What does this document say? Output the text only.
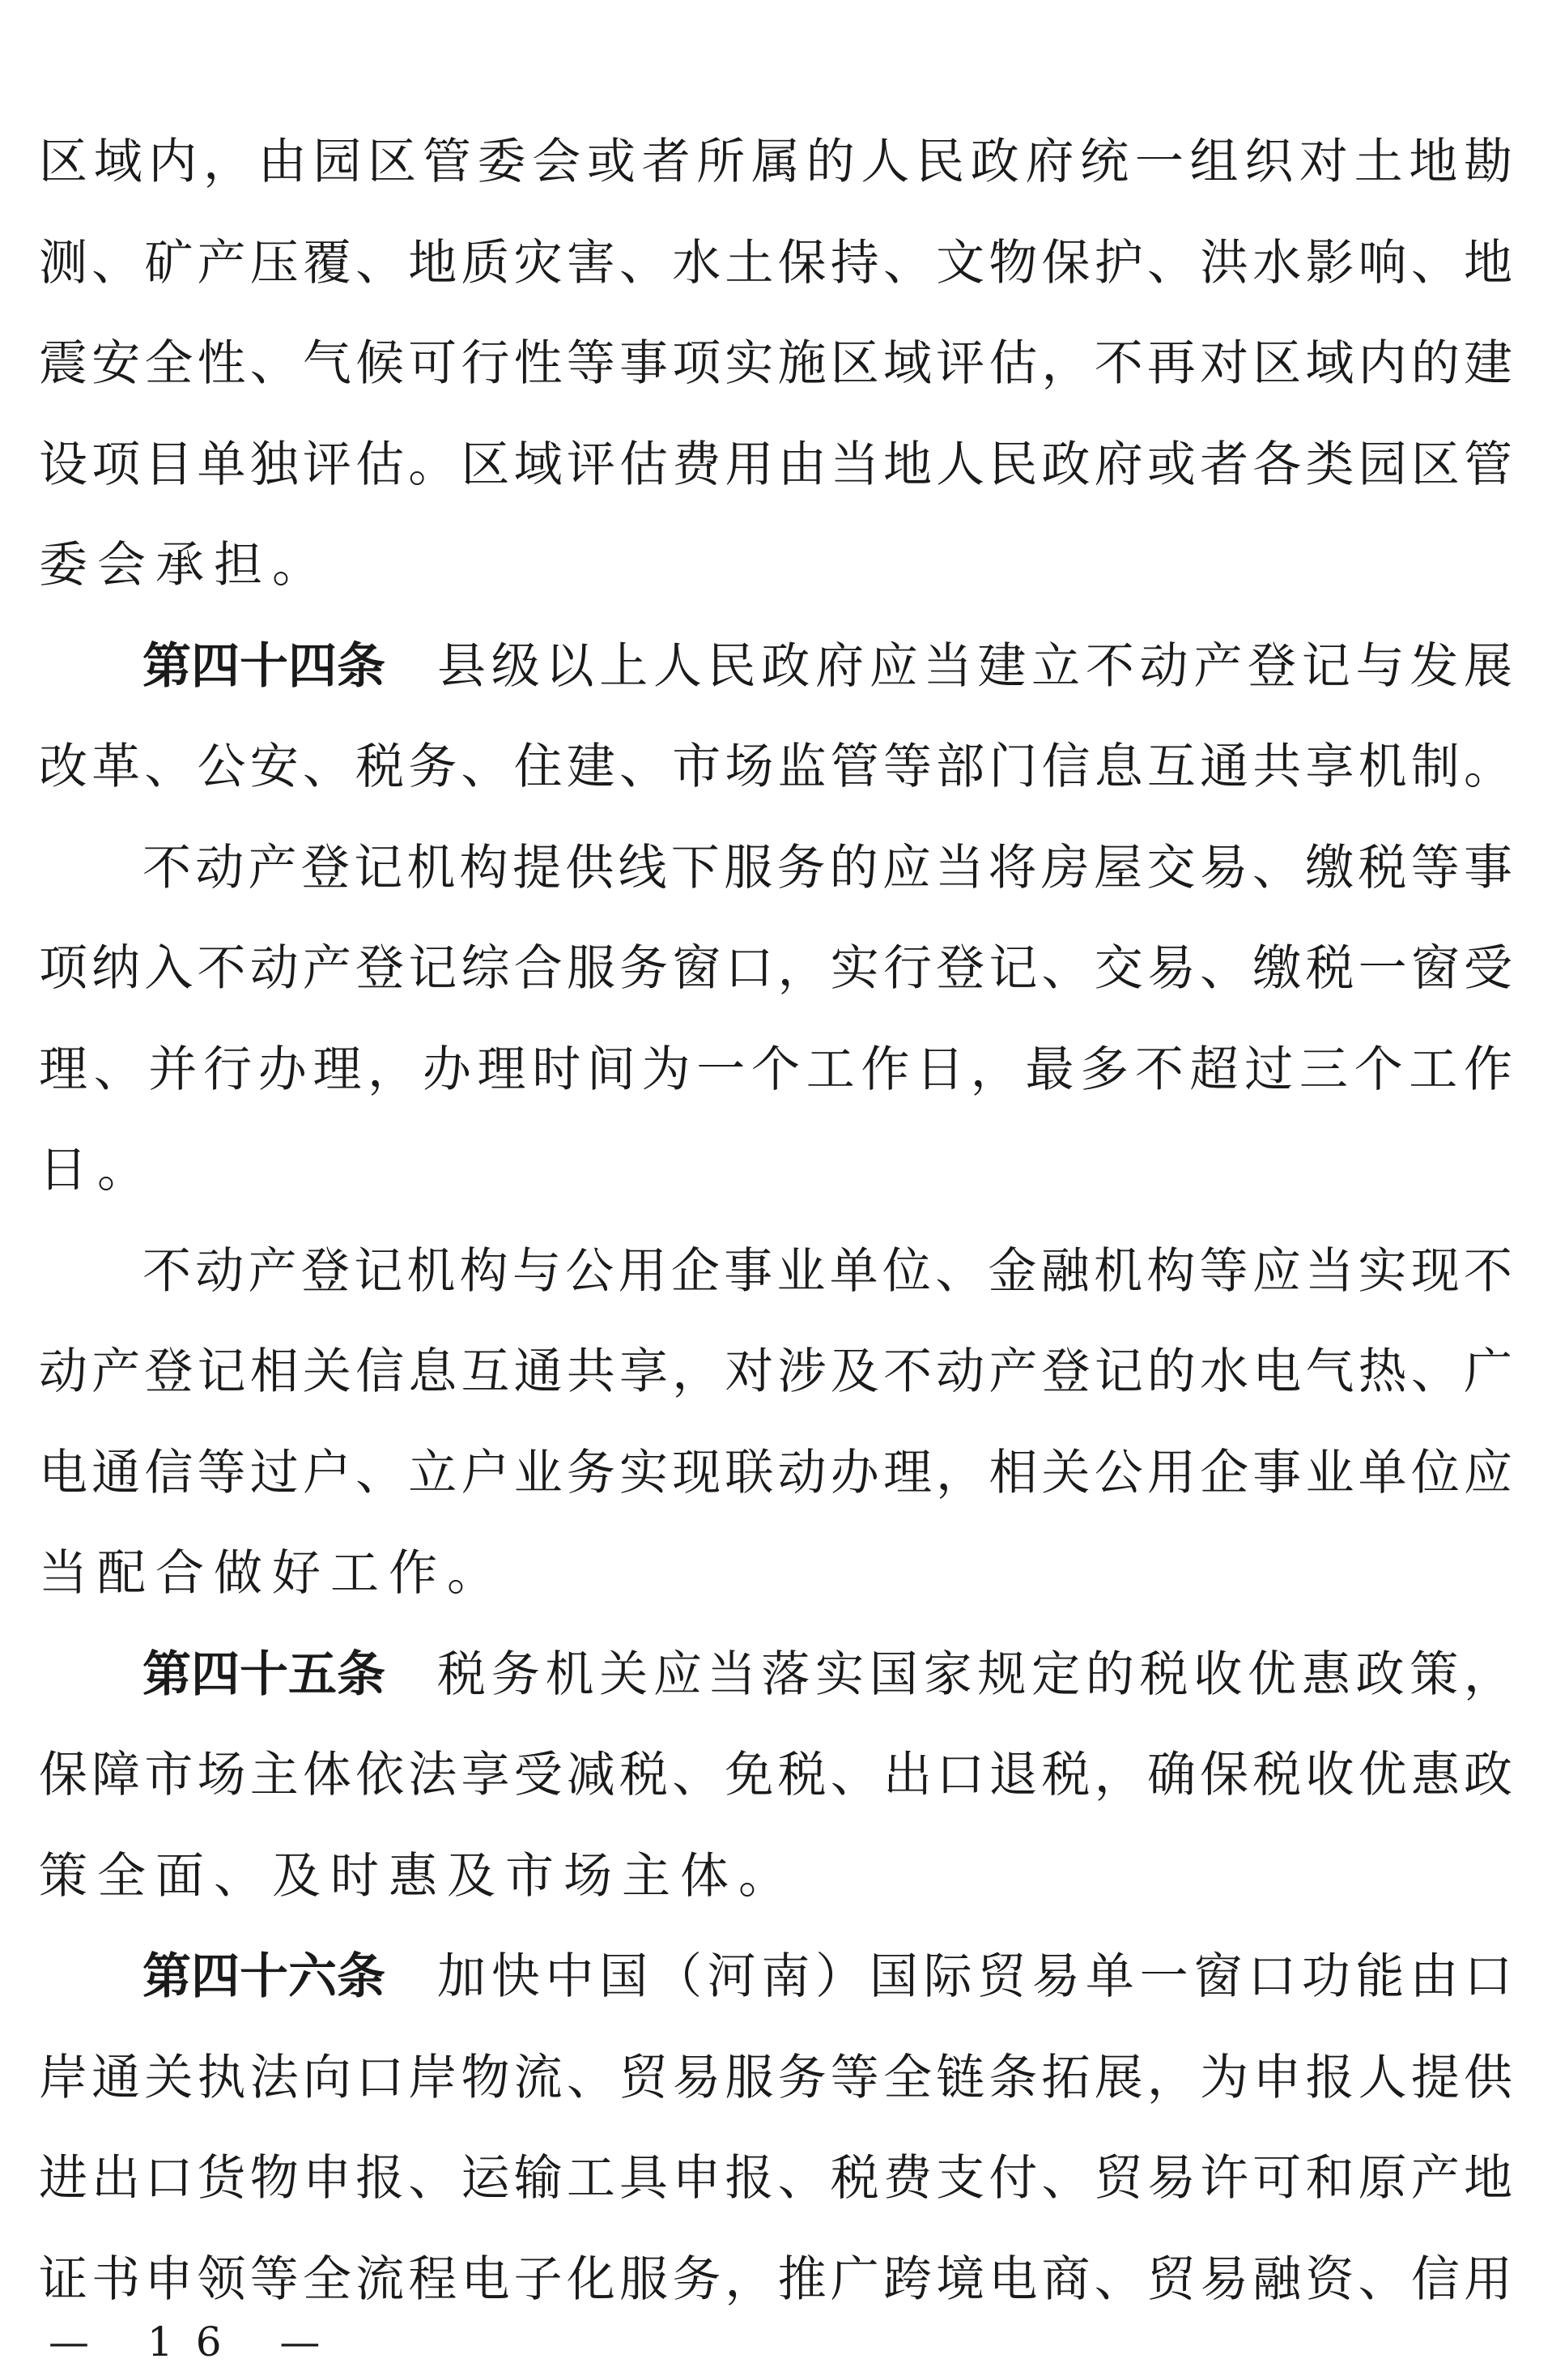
区域内，由园区管委会或者所属的人民政府统一组织对土地勘
测、矿产压覆、地质灾害、水土保持、文物保护、洪水影响、地
震安全性、气候可行性等事项实施区域评估，不再对区域内的建
设项目单独评估。区域评估费用由当地人民政府或者各类园区管
委会承担。
第四十四条 县级以上人民政府应当建立不动产登记与发展
改革、公安、税务、住建、市场监管等部门信息互通共享机制。
不动产登记机构提供线下服务的应当将房屋交易、缴税等事
项纳入不动产登记综合服务窗口，实行登记、交易、缴税一窗受
理、并行办理，办理时间为一个工作日，最多不超过三个工作
日。
不动产登记机构与公用企事业单位、金融机构等应当实现不
动产登记相关信息互通共享，对涉及不动产登记的水电气热、广
电通信等过户、立户业务实现联动办理，相关公用企事业单位应
当配合做好工作。
第四十五条 税务机关应当落实国家规定的税收优惠政策，
保障市场主体依法享受减税、免税、出口退税，确保税收优惠政
策全面、及时惠及市场主体。
第四十六条 加快中国（河南）国际贸易单一窗口功能由口
岸通关执法向口岸物流、贸易服务等全链条拓展，为申报人提供
进出口货物申报、运输工具申报、税费支付、贸易许可和原产地
证书申领等全流程电子化服务，推广跨境电商、贸易融资、信用
— 16 —
